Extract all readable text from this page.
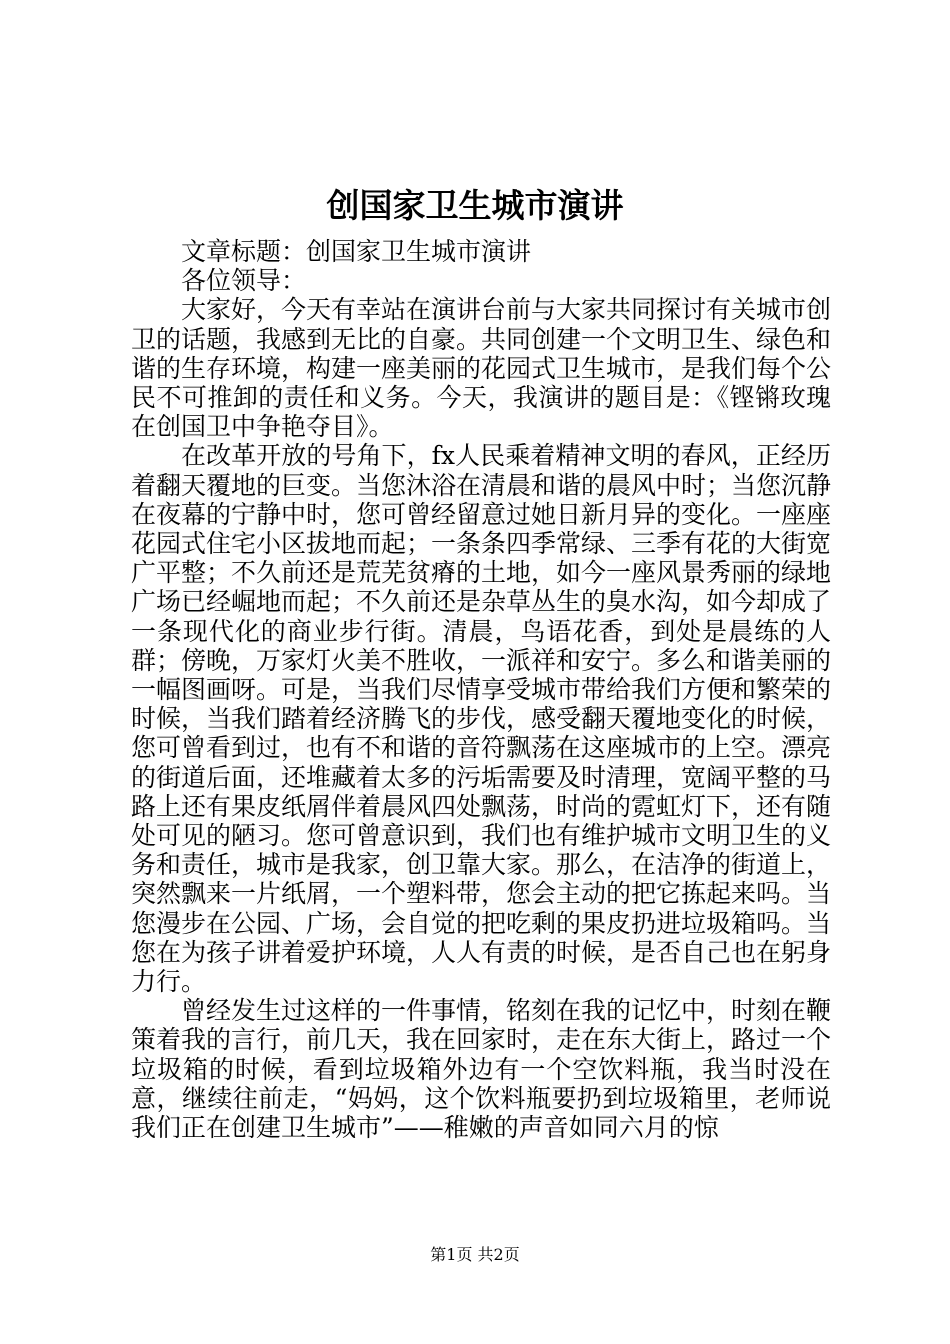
创国家卫生城市演讲

文章标题：创国家卫生城市演讲

各位领导：

大家好，今天有幸站在演讲台前与大家共同探讨有关城市创卫的话题，我感到无比的自豪。共同创建一个文明卫生、绿色和谐的生存环境，构建一座美丽的花园式卫生城市，是我们每个公民不可推卸的责任和义务。今天，我演讲的题目是：《铿锵玫瑰在创国卫中争艳夺目》。

在改革开放的号角下，fx人民乘着精神文明的春风，正经历着翻天覆地的巨变。当您沐浴在清晨和谐的晨风中时；当您沉静在夜幕的宁静中时，您可曾经留意过她日新月异的变化。一座座花园式住宅小区拔地而起；一条条四季常绿、三季有花的大街宽广平整；不久前还是荒芜贫瘠的土地，如今一座风景秀丽的绿地广场已经崛地而起；不久前还是杂草丛生的臭水沟，如今却成了一条现代化的商业步行街。清晨，鸟语花香，到处是晨练的人群；傍晚，万家灯火美不胜收，一派祥和安宁。多么和谐美丽的一幅图画呀。可是，当我们尽情享受城市带给我们方便和繁荣的时候，当我们踏着经济腾飞的步伐，感受翻天覆地变化的时候，您可曾看到过，也有不和谐的音符飘荡在这座城市的上空。漂亮的街道后面，还堆藏着太多的污垢需要及时清理，宽阔平整的马路上还有果皮纸屑伴着晨风四处飘荡，时尚的霓虹灯下，还有随处可见的陋习。您可曾意识到，我们也有维护城市文明卫生的义务和责任，城市是我家，创卫靠大家。那么，在洁净的街道上，突然飘来一片纸屑，一个塑料带，您会主动的把它拣起来吗。当您漫步在公园、广场，会自觉的把吃剩的果皮扔进垃圾箱吗。当您在为孩子讲着爱护环境，人人有责的时候，是否自己也在躬身力行。

曾经发生过这样的一件事情，铭刻在我的记忆中，时刻在鞭策着我的言行，前几天，我在回家时，走在东大街上，路过一个垃圾箱的时候，看到垃圾箱外边有一个空饮料瓶，我当时没在意，继续往前走，“妈妈，这个饮料瓶要扔到垃圾箱里，老师说我们正在创建卫生城市”——稚嫩的声音如同六月的惊

第1页 共2页
